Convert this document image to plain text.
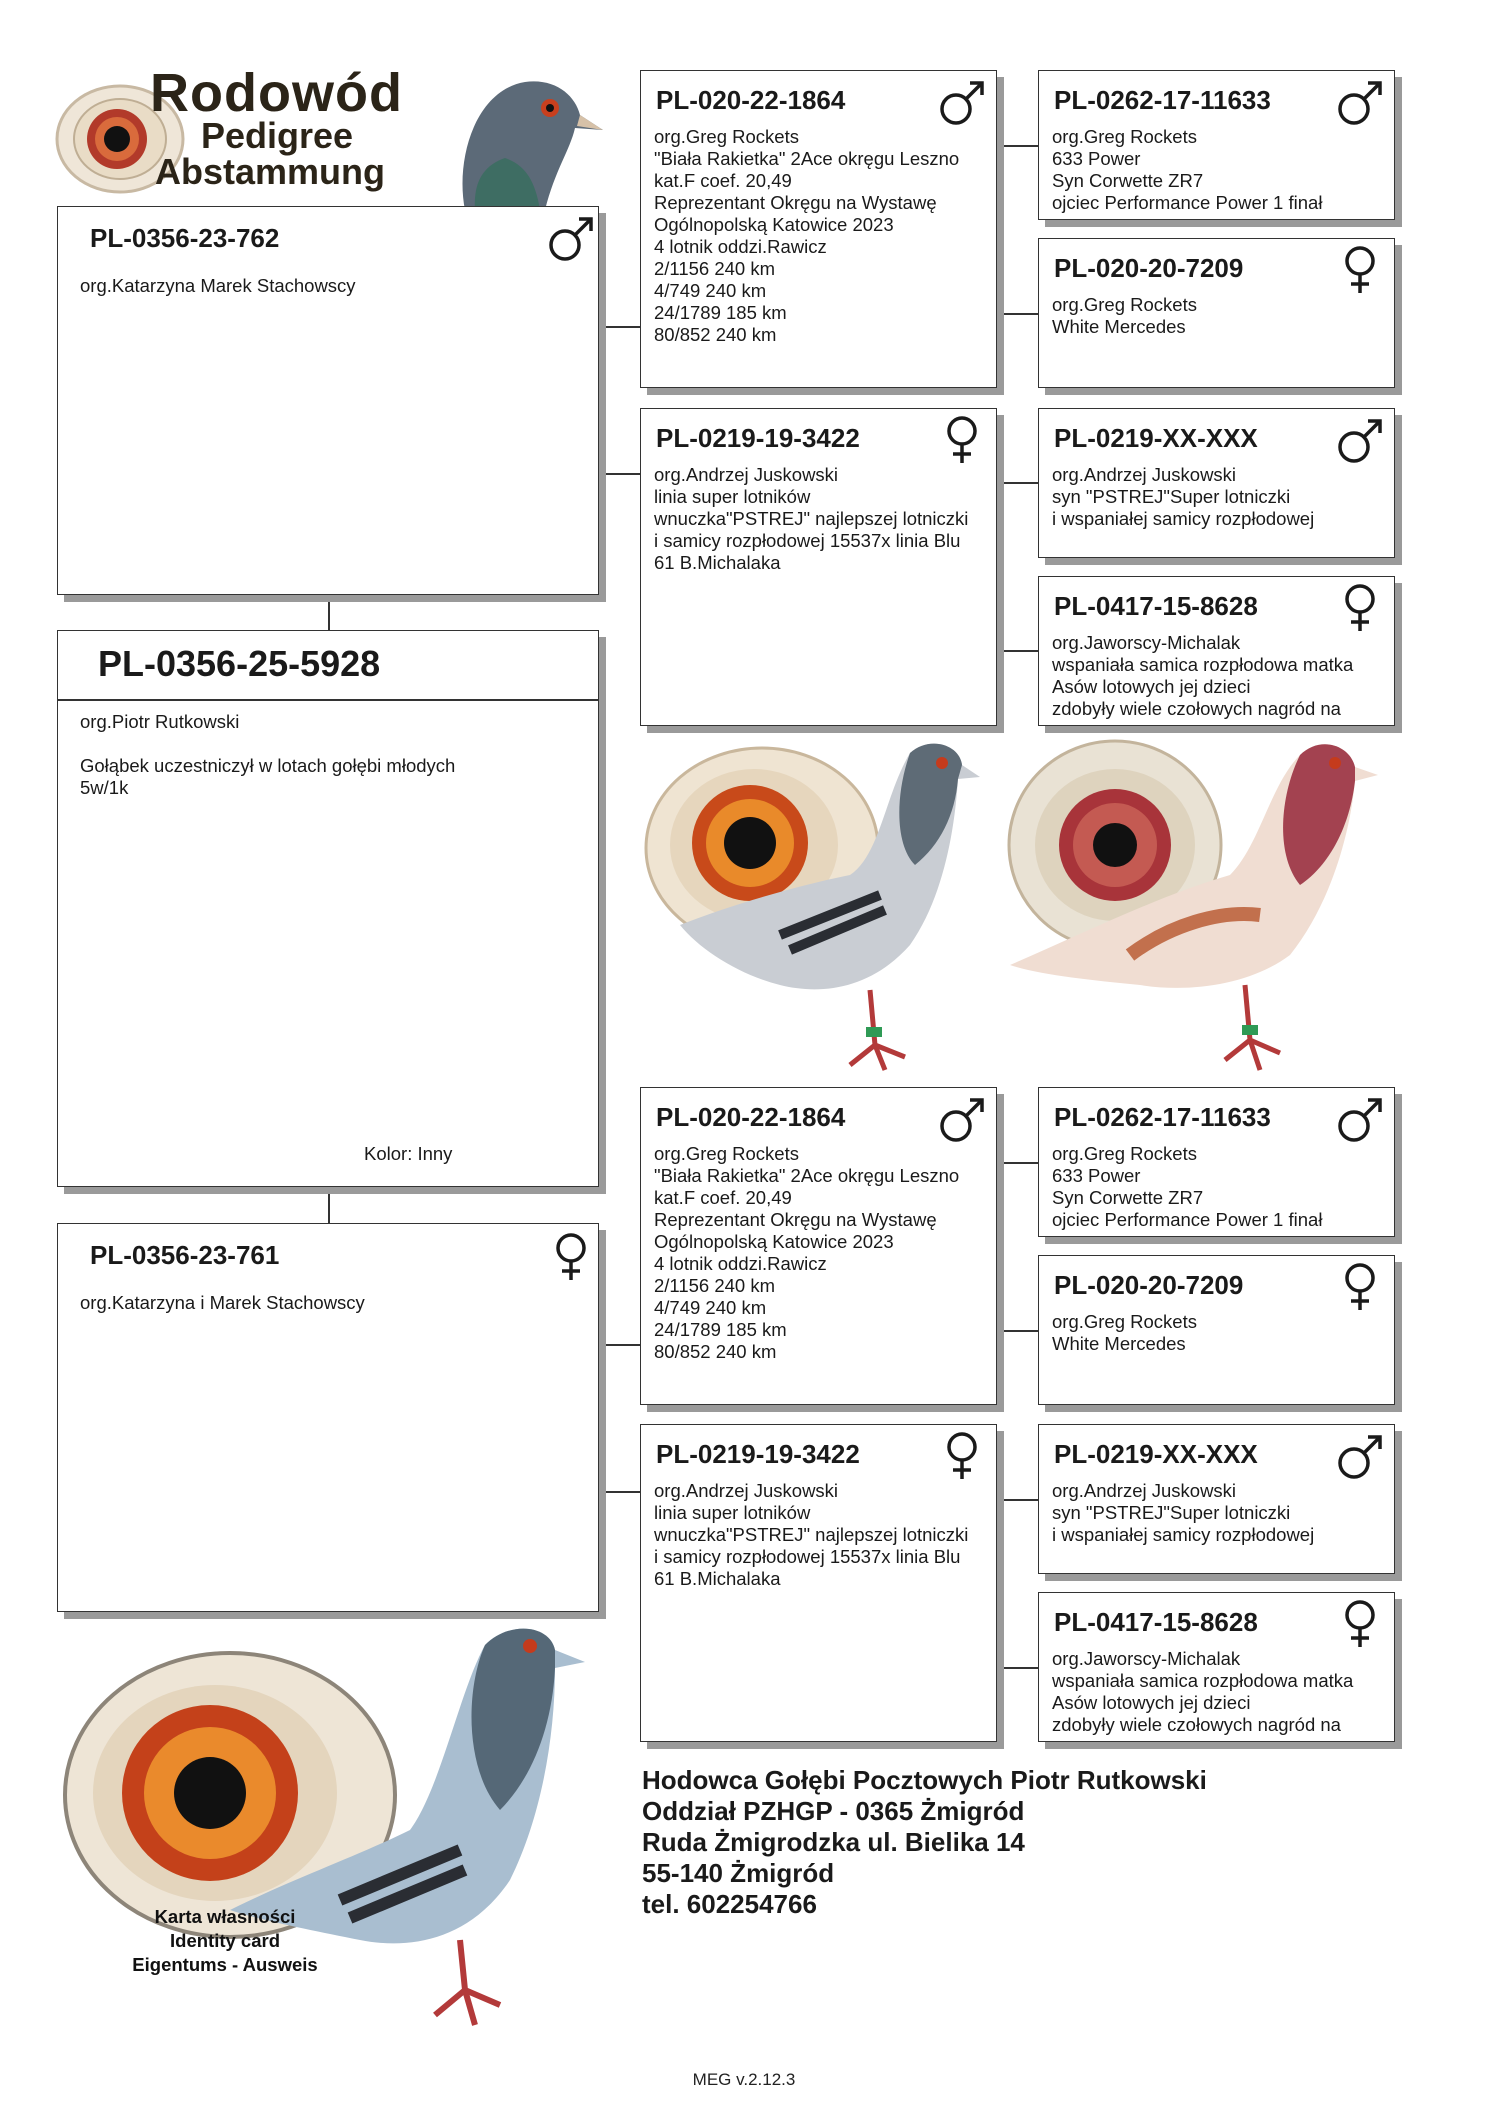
Rodowód
Pedigree
Abstammung
PL-0356-23-762
org.Katarzyna Marek Stachowscy
PL-0356-25-5928
org.Piotr Rutkowski
Gołąbek uczestniczył w lotach gołębi młodych
5w/1k
Kolor: Inny
PL-0356-23-761
org.Katarzyna i Marek Stachowscy
PL-020-22-1864
org.Greg Rockets
"Biała Rakietka" 2Ace okręgu Leszno
kat.F coef. 20,49
Reprezentant Okręgu na Wystawę
Ogólnopolską Katowice 2023
4 lotnik oddzi.Rawicz
2/1156 240 km
4/749 240 km
24/1789 185 km
80/852 240 km
PL-0219-19-3422
org.Andrzej Juskowski
linia super lotników
wnuczka"PSTREJ" najlepszej lotniczki
i samicy rozpłodowej 15537x linia Blu
61 B.Michalaka
PL-0262-17-11633
org.Greg Rockets
633 Power
Syn Corwette ZR7
ojciec Performance Power 1 finał
PL-020-20-7209
org.Greg Rockets
White Mercedes
PL-0219-XX-XXX
org.Andrzej Juskowski
syn "PSTREJ"Super lotniczki
i wspaniałej samicy rozpłodowej
PL-0417-15-8628
org.Jaworscy-Michalak
wspaniała samica rozpłodowa matka
Asów lotowych jej dzieci
zdobyły wiele czołowych nagród na
PL-020-22-1864
org.Greg Rockets
"Biała Rakietka" 2Ace okręgu Leszno
kat.F coef. 20,49
Reprezentant Okręgu na Wystawę
Ogólnopolską Katowice 2023
4 lotnik oddzi.Rawicz
2/1156 240 km
4/749 240 km
24/1789 185 km
80/852 240 km
PL-0219-19-3422
org.Andrzej Juskowski
linia super lotników
wnuczka"PSTREJ" najlepszej lotniczki
i samicy rozpłodowej 15537x linia Blu
61 B.Michalaka
PL-0262-17-11633
org.Greg Rockets
633 Power
Syn Corwette ZR7
ojciec Performance Power 1 finał
PL-020-20-7209
org.Greg Rockets
White Mercedes
PL-0219-XX-XXX
org.Andrzej Juskowski
syn "PSTREJ"Super lotniczki
i wspaniałej samicy rozpłodowej
PL-0417-15-8628
org.Jaworscy-Michalak
wspaniała samica rozpłodowa matka
Asów lotowych jej dzieci
zdobyły wiele czołowych nagród na
Karta własności
Identity card
Eigentums - Ausweis
Hodowca Gołębi Pocztowych Piotr Rutkowski
Oddział PZHGP - 0365 Żmigród
Ruda Żmigrodzka ul. Bielika 14
55-140 Żmigród
tel. 602254766
MEG v.2.12.3
